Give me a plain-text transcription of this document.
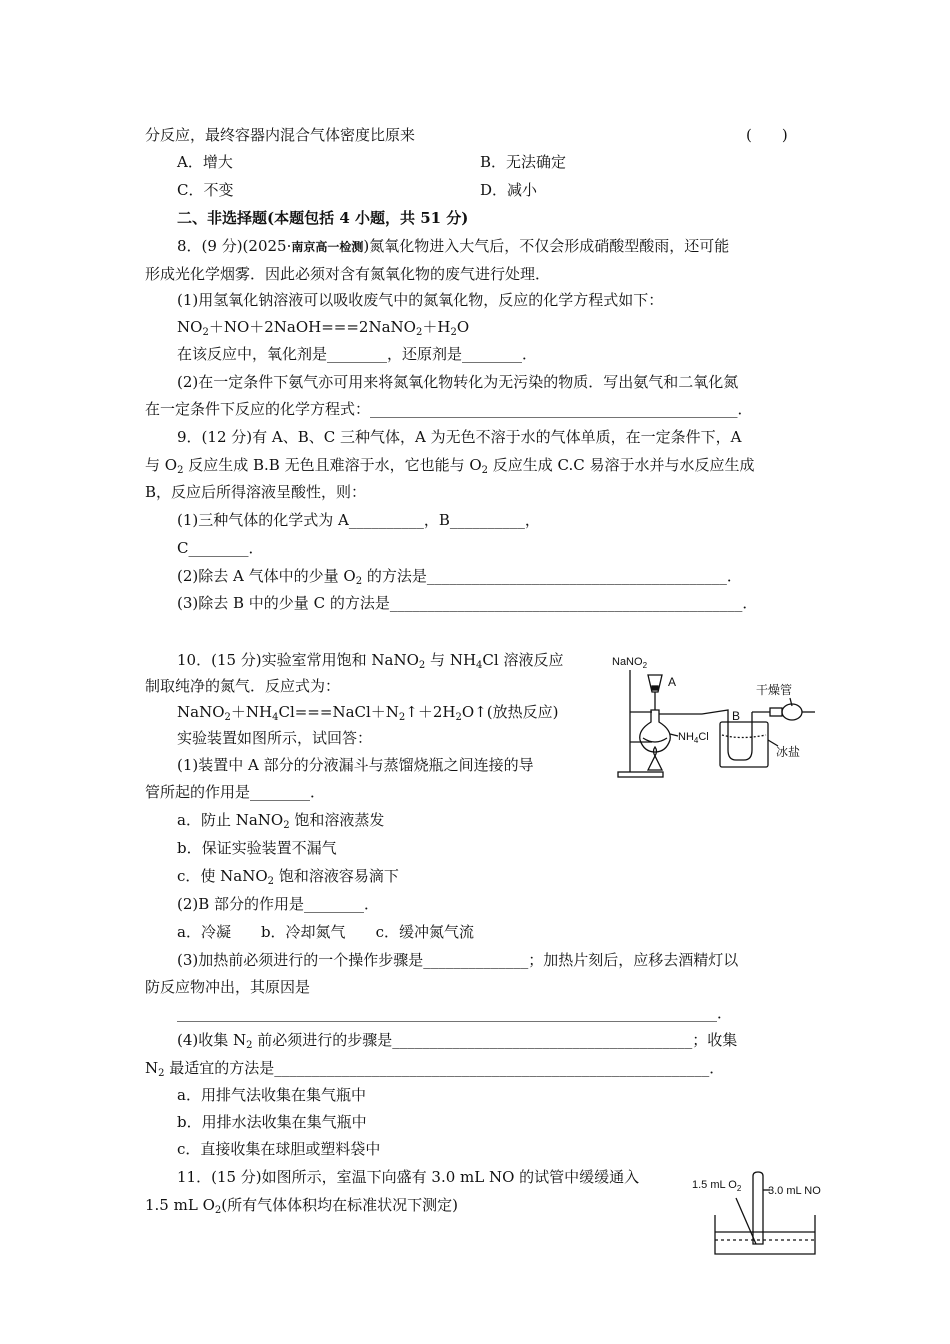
分反应，最终容器内混合气体密度比原来	(　　)
A．增大	B．无法确定
C．不变	D．减小
二、非选择题(本题包括 4 小题，共 51 分)
8．(9 分)(2025·南京高一检测)氮氧化物进入大气后，不仅会形成硝酸型酸雨，还可能
形成光化学烟雾．因此必须对含有氮氧化物的废气进行处理．
(1)用氢氧化钠溶液可以吸收废气中的氮氧化物，反应的化学方程式如下：
$NO_2+NO+2NaOH===2NaNO_2+H_2O$
在该反应中，氧化剂是________，还原剂是________．
(2)在一定条件下氨气亦可用来将氮氧化物转化为无污染的物质．写出氨气和二氧化氮
在一定条件下反应的化学方程式：_________________________________________________．
9．(12 分)有 A、B、C 三种气体，A 为无色不溶于水的气体单质，在一定条件下，A
与 $O_2$ 反应生成 B.B 无色且难溶于水，它也能与 $O_2$ 反应生成 C.C 易溶于水并与水反应生成
B，反应后所得溶液呈酸性，则：
(1)三种气体的化学式为 A__________，B__________，
C________．
(2)除去 A 气体中的少量 $O_2$ 的方法是________________________________________．
(3)除去 B 中的少量 C 的方法是_______________________________________________．
10．(15 分)实验室常用饱和 NaNO$_2$ 与 $NH_4Cl$ 溶液反应
制取纯净的氮气．反应式为：
$NaNO_2+NH_4Cl===NaCl+N_2↑+2H_2O↑$(放热反应)
实验装置如图所示，试回答：
(1)装置中 A 部分的分液漏斗与蒸馏烧瓶之间连接的导
管所起的作用是________．
a．防止 NaNO$_2$ 饱和溶液蒸发
b．保证实验装置不漏气
c．使 NaNO$_2$ 饱和溶液容易滴下
(2)B 部分的作用是________．
a．冷凝 b．冷却氮气 c．缓冲氮气流
(3)加热前必须进行的一个操作步骤是______________；加热片刻后，应移去酒精灯以
防反应物冲出，其原因是
________________________________________________________________________．
(4)收集 $N_2$ 前必须进行的步骤是________________________________________；收集
$N_2$ 最适宜的方法是__________________________________________________________．
a．用排气法收集在集气瓶中
b．用排水法收集在集气瓶中
c．直接收集在球胆或塑料袋中
11．(15 分)如图所示，室温下向盛有 3.0 mL NO 的试管中缓缓通入
1.5 mL $O_2$(所有气体体积均在标准状况下测定)
NaNO$_2$
A
B
$NH_4Cl$
干燥管
冰盐
1.5 mL $O_2$ 3.0 mL NO
